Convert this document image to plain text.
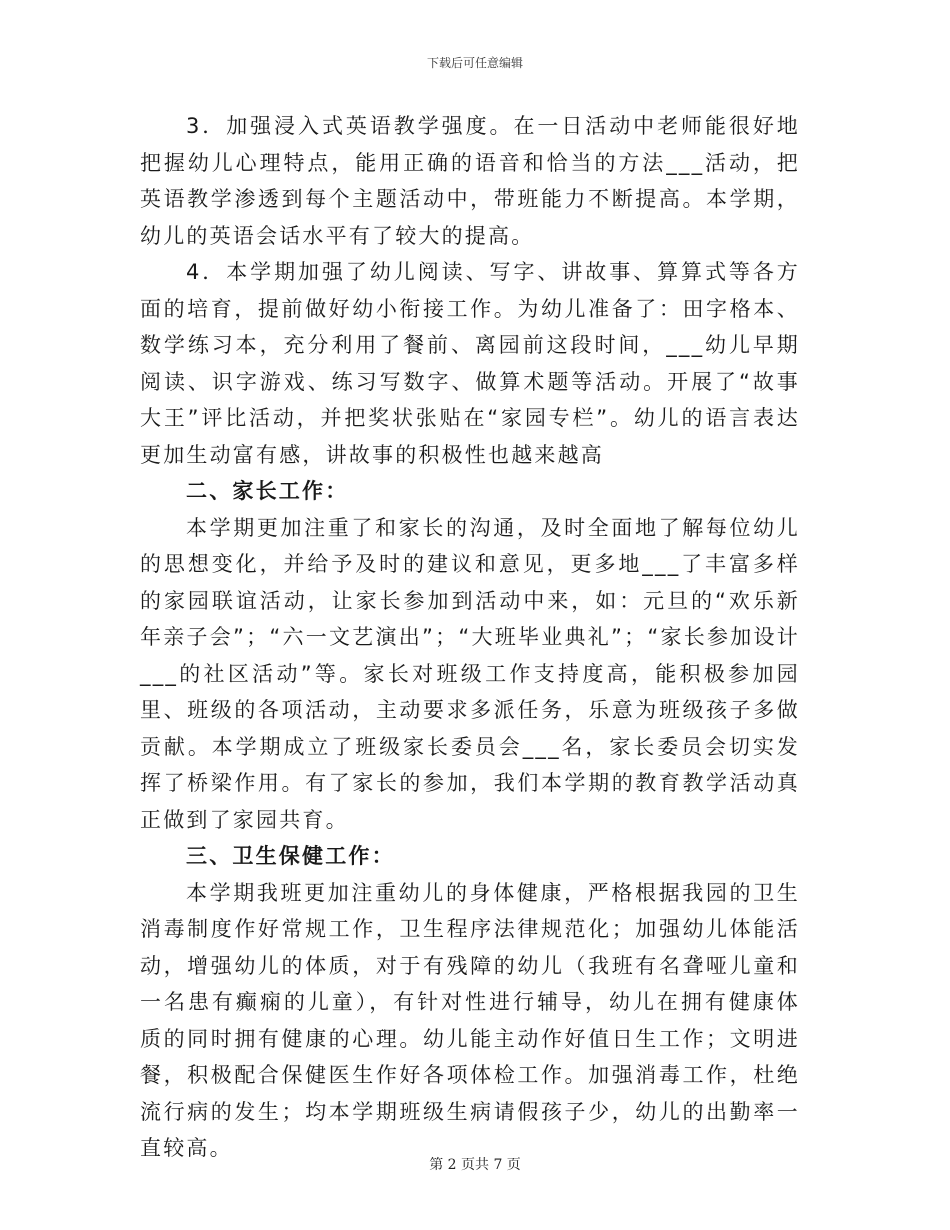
下载后可任意编辑

3．加强浸入式英语教学强度。在一日活动中老师能很好地把握幼儿心理特点，能用正确的语音和恰当的方法___活动，把英语教学渗透到每个主题活动中，带班能力不断提高。本学期，幼儿的英语会话水平有了较大的提高。

4．本学期加强了幼儿阅读、写字、讲故事、算算式等各方面的培育，提前做好幼小衔接工作。为幼儿准备了：田字格本、数学练习本，充分利用了餐前、离园前这段时间，___幼儿早期阅读、识字游戏、练习写数字、做算术题等活动。开展了“故事大王”评比活动，并把奖状张贴在“家园专栏”。幼儿的语言表达更加生动富有感，讲故事的积极性也越来越高

二、家长工作：

本学期更加注重了和家长的沟通，及时全面地了解每位幼儿的思想变化，并给予及时的建议和意见，更多地___了丰富多样的家园联谊活动，让家长参加到活动中来，如：元旦的“欢乐新年亲子会”；“六一文艺演出”；“大班毕业典礼”；“家长参加设计___的社区活动”等。家长对班级工作支持度高，能积极参加园里、班级的各项活动，主动要求多派任务，乐意为班级孩子多做贡献。本学期成立了班级家长委员会___名，家长委员会切实发挥了桥梁作用。有了家长的参加，我们本学期的教育教学活动真正做到了家园共育。

三、卫生保健工作：

本学期我班更加注重幼儿的身体健康，严格根据我园的卫生消毒制度作好常规工作，卫生程序法律规范化；加强幼儿体能活动，增强幼儿的体质，对于有残障的幼儿（我班有名聋哑儿童和一名患有癫痫的儿童），有针对性进行辅导，幼儿在拥有健康体质的同时拥有健康的心理。幼儿能主动作好值日生工作；文明进餐，积极配合保健医生作好各项体检工作。加强消毒工作，杜绝流行病的发生；均本学期班级生病请假孩子少，幼儿的出勤率一直较高。

第 2 页共 7 页
